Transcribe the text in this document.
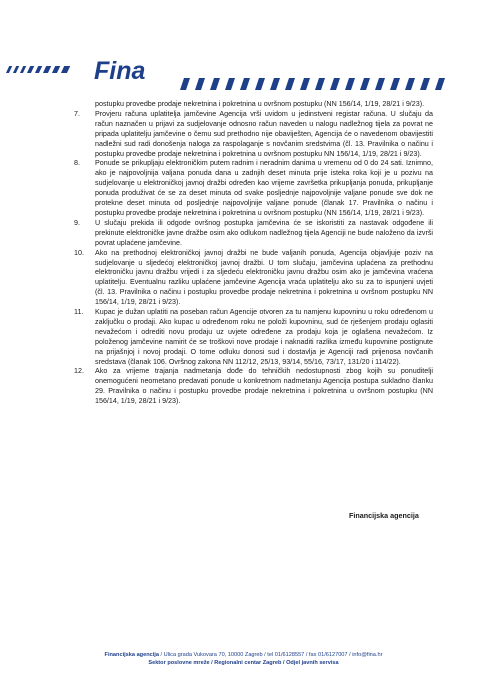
Fina

postupku provedbe prodaje nekretnina i pokretnina u ovršnom postupku (NN 156/14, 1/19, 28/21 i 9/23).

7. Provjeru računa uplatitelja jamčevine Agencija vrši uvidom u jedinstveni registar računa. U slučaju da račun naznačen u prijavi za sudjelovanje odnosno račun naveden u nalogu nadležnog tijela za povrat ne pripada uplatitelju jamčevine o čemu sud prethodno nije obaviješten, Agencija će o navedenom obavijestiti nadležni sud radi donošenja naloga za raspolaganje s novčanim sredstvima (čl. 13. Pravilnika o načinu i postupku provedbe prodaje nekretnina i pokretnina u ovršnom postupku NN 156/14, 1/19, 28/21 i 9/23).
8. Ponude se prikupljaju elektroničkim putem radnim i neradnim danima u vremenu od 0 do 24 sati. Iznimno, ako je najpovoljnija valjana ponuda dana u zadnjih deset minuta prije isteka roka koji je u pozivu na sudjelovanje u elektroničkoj javnoj dražbi određen kao vrijeme završetka prikupljanja ponuda, prikupljanje ponuda produživat će se za deset minuta od svake posljednje najpovoljnije valjane ponude sve dok ne protekne deset minuta od posljednje najpovoljnije valjane ponude (članak 17. Pravilnika o načinu i postupku provedbe prodaje nekretnina i pokretnina u ovršnom postupku (NN 156/14, 1/19, 28/21 i 9/23).
9. U slučaju prekida ili odgode ovršnog postupka jamčevina će se iskoristiti za nastavak odgođene ili prekinute elektroničke javne dražbe osim ako odlukom nadležnog tijela Agenciji ne bude naloženo da izvrši povrat uplaćene jamčevine.
10. Ako na prethodnoj elektroničkoj javnoj dražbi ne bude valjanih ponuda, Agencija objavljuje poziv na sudjelovanje u sljedećoj elektroničkoj javnoj dražbi. U tom slučaju, jamčevina uplaćena za prethodnu elektroničku javnu dražbu vrijedi i za sljedeću elektroničku javnu dražbu osim ako je jamčevina vraćena uplatitelju. Eventualnu razliku uplaćene jamčevine Agencija vraća uplatitelju ako su za to ispunjeni uvjeti (čl. 13. Pravilnika o načinu i postupku provedbe prodaje nekretnina i pokretnina u ovršnom postupku NN 156/14, 1/19, 28/21 i 9/23).
11. Kupac je dužan uplatiti na poseban račun Agencije otvoren za tu namjenu kupovninu u roku određenom u zaključku o prodaji. Ako kupac u određenom roku ne položi kupovninu, sud će rješenjem prodaju oglasiti nevažećom i odrediti novu prodaju uz uvjete određene za prodaju koja je oglašena nevažećom. Iz položenog jamčevine namirit će se troškovi nove prodaje i naknaditi razlika između kupovnine postignute na prijašnjoj i novoj prodaji. O tome odluku donosi sud i dostavlja je Agenciji radi prijenosa novčanih sredstava (članak 106. Ovršnog zakona NN 112/12, 25/13, 93/14, 55/16, 73/17, 131/20 i 114/22).
12. Ako za vrijeme trajanja nadmetanja dođe do tehničkih nedostupnosti zbog kojih su ponuditelji onemogućeni neometano predavati ponude u konkretnom nadmetanju Agencija postupa sukladno članku 29. Pravilnika o načinu i postupku provedbe prodaje nekretnina i pokretnina u ovršnom postupku (NN 156/14, 1/19, 28/21 i 9/23).
Financijska agencija
Financijska agencija / Ulica grada Vukovara 70, 10000 Zagreb / tel 01/6128557 / fax 01/6127007 / info@fina.hr
Sektor poslovne mreže / Regionalni centar Zagreb / Odjel javnih servisa
